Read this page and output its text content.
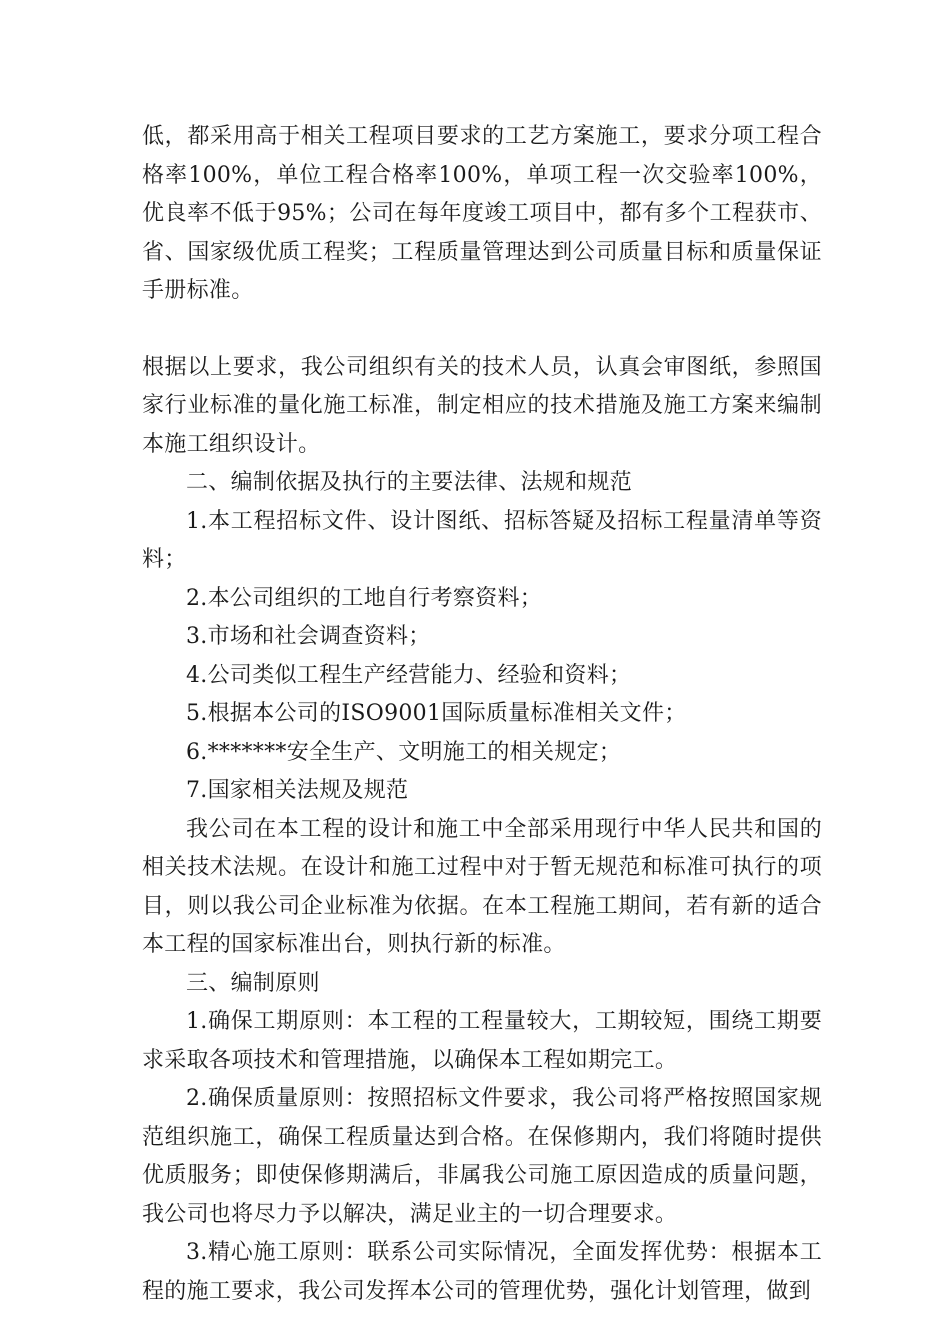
低，都采用高于相关工程项目要求的工艺方案施工，要求分项工程合格率100%，单位工程合格率100%，单项工程一次交验率100%，优良率不低于95%；公司在每年度竣工项目中，都有多个工程获市、省、国家级优质工程奖；工程质量管理达到公司质量目标和质量保证手册标准。

根据以上要求，我公司组织有关的技术人员，认真会审图纸，参照国家行业标准的量化施工标准，制定相应的技术措施及施工方案来编制本施工组织设计。

二、编制依据及执行的主要法律、法规和规范

1.本工程招标文件、设计图纸、招标答疑及招标工程量清单等资料；

2.本公司组织的工地自行考察资料；

3.市场和社会调查资料；

4.公司类似工程生产经营能力、经验和资料；

5.根据本公司的ISO9001国际质量标准相关文件；

6.*******安全生产、文明施工的相关规定；

7.国家相关法规及规范

我公司在本工程的设计和施工中全部采用现行中华人民共和国的相关技术法规。在设计和施工过程中对于暂无规范和标准可执行的项目，则以我公司企业标准为依据。在本工程施工期间，若有新的适合本工程的国家标准出台，则执行新的标准。

三、编制原则

1.确保工期原则：本工程的工程量较大，工期较短，围绕工期要求采取各项技术和管理措施，以确保本工程如期完工。

2.确保质量原则：按照招标文件要求，我公司将严格按照国家规范组织施工，确保工程质量达到合格。在保修期内，我们将随时提供优质服务；即使保修期满后，非属我公司施工原因造成的质量问题，我公司也将尽力予以解决，满足业主的一切合理要求。

3.精心施工原则：联系公司实际情况，全面发挥优势：根据本工程的施工要求，我公司发挥本公司的管理优势，强化计划管理，做到
